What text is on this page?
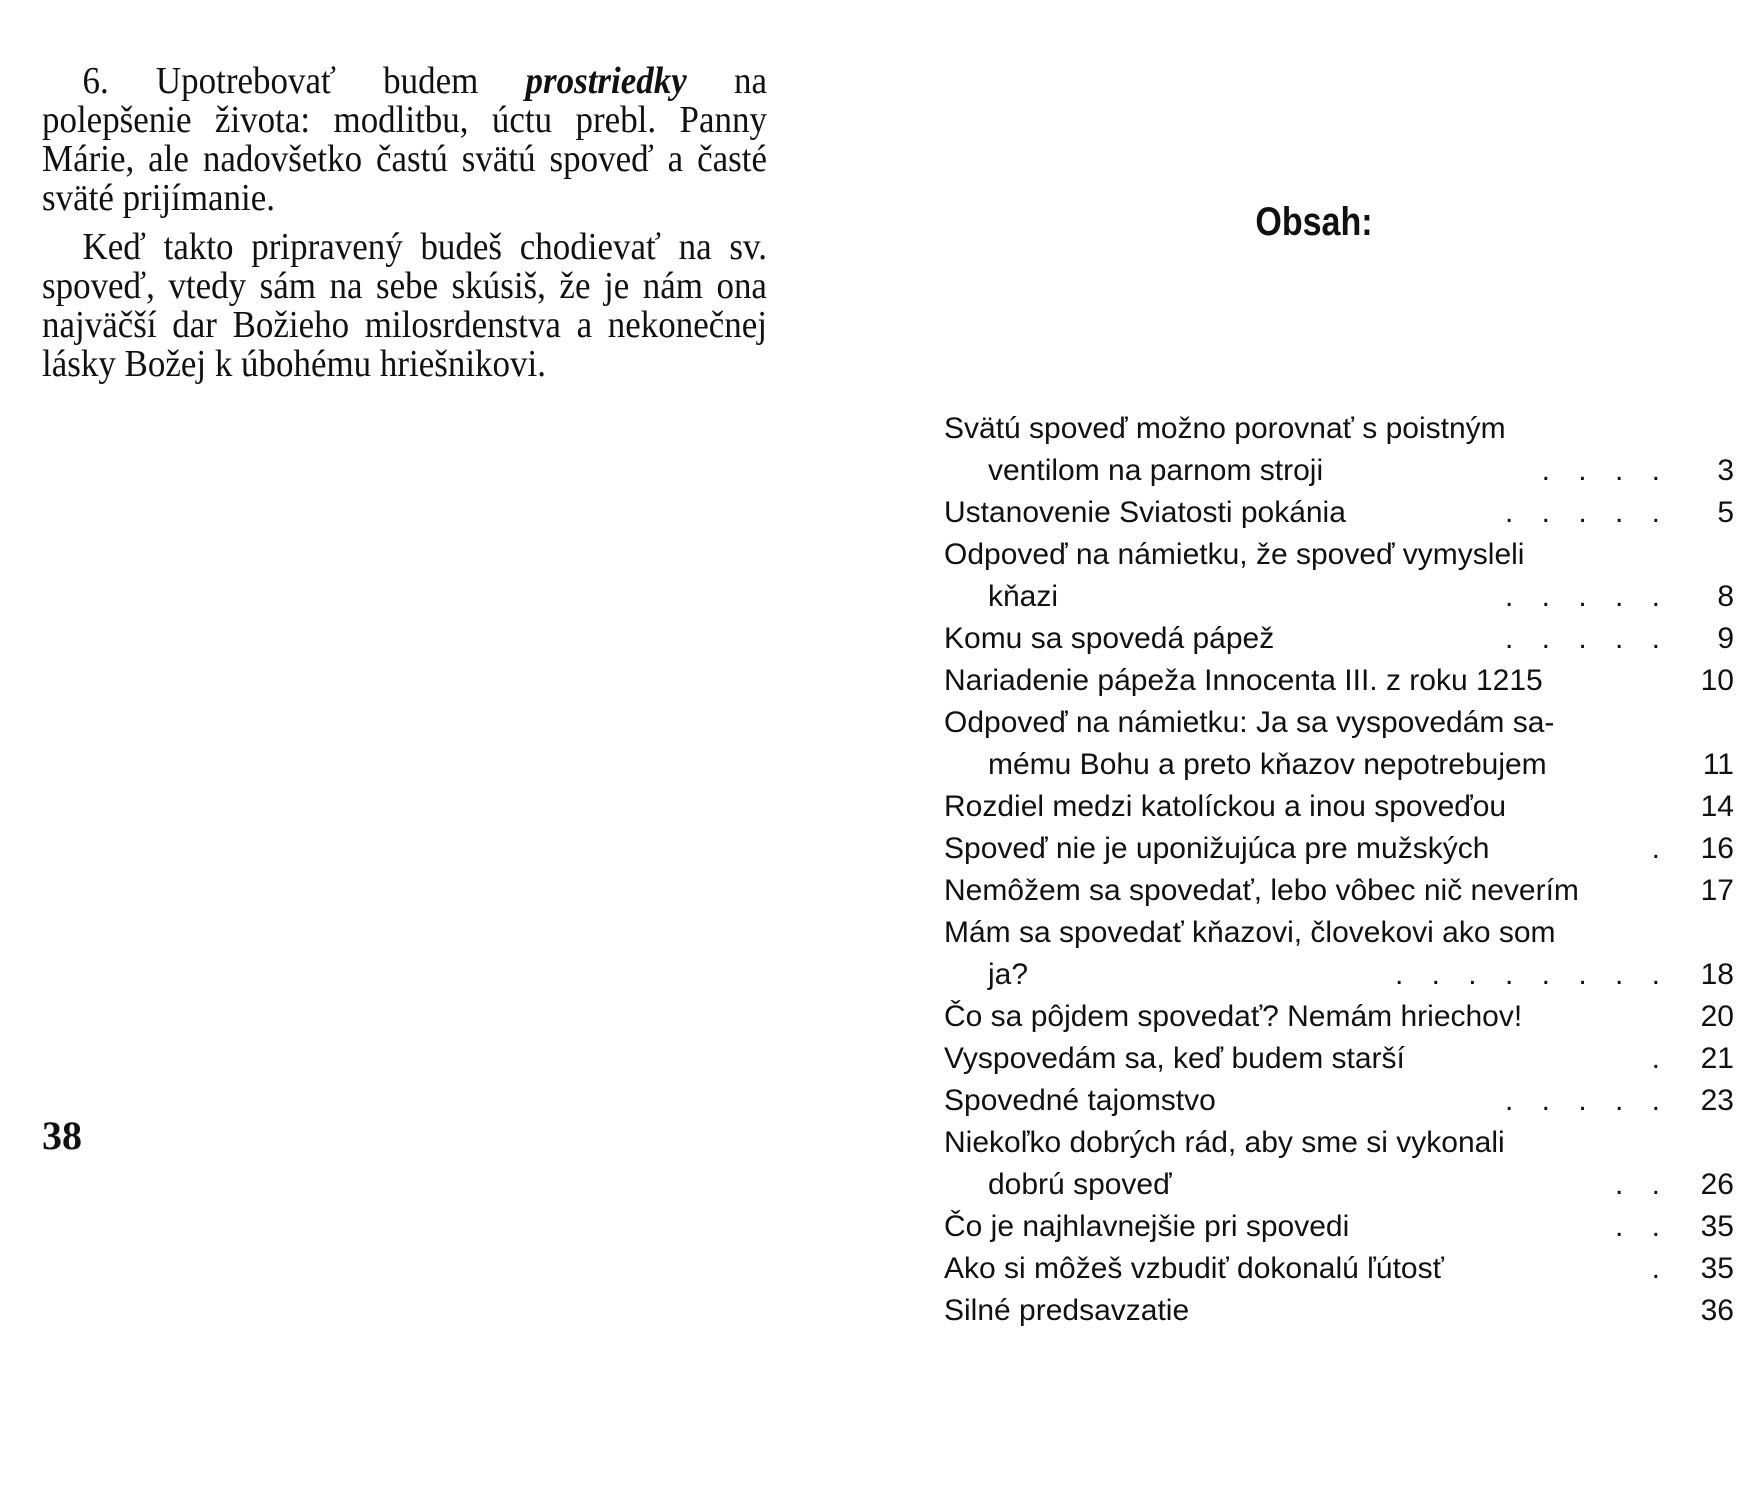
6. Upotrebovať budem prostriedky na polepšenie života: modlitbu, úctu prebl. Panny Márie, ale nadovšetko častú svätú spoveď a časté sväté prijímanie.

Keď takto pripravený budeš chodievať na sv. spoveď, vtedy sám na sebe skúsiš, že je nám ona najväčší dar Božieho milosrdenstva a nekonečnej lásky Božej k úbohému hriešnikovi.

38
Obsah:
Svätú spoveď možno porovnať s poistným
ventilom na parnom stroji	. . . .	3
Ustanovenie Sviatosti pokánia	. . . . .	5
Odpoveď na námietku, že spoveď vymysleli
kňazi	. . . . .	8
Komu sa spovedá pápež	. . . . .	9
Nariadenie pápeža Innocenta III. z roku 1215	10
Odpoveď na námietku: Ja sa vyspovedám sa-
mému Bohu a preto kňazov nepotrebujem	11
Rozdiel medzi katolíckou a inou spoveďou	14
Spoveď nie je uponižujúca pre mužských	.	16
Nemôžem sa spovedať, lebo vôbec nič neverím	17
Mám sa spovedať kňazovi, človekovi ako som
ja?	. . . . . . . .	18
Čo sa pôjdem spovedať? Nemám hriechov!	20
Vyspovedám sa, keď budem starší	.	21
Spovedné tajomstvo	. . . . .	23
Niekoľko dobrých rád, aby sme si vykonali
dobrú spoveď	. .	26
Čo je najhlavnejšie pri spovedi	. .	35
Ako si môžeš vzbudiť dokonalú ľútosť	.	35
Silné predsavzatie	36
